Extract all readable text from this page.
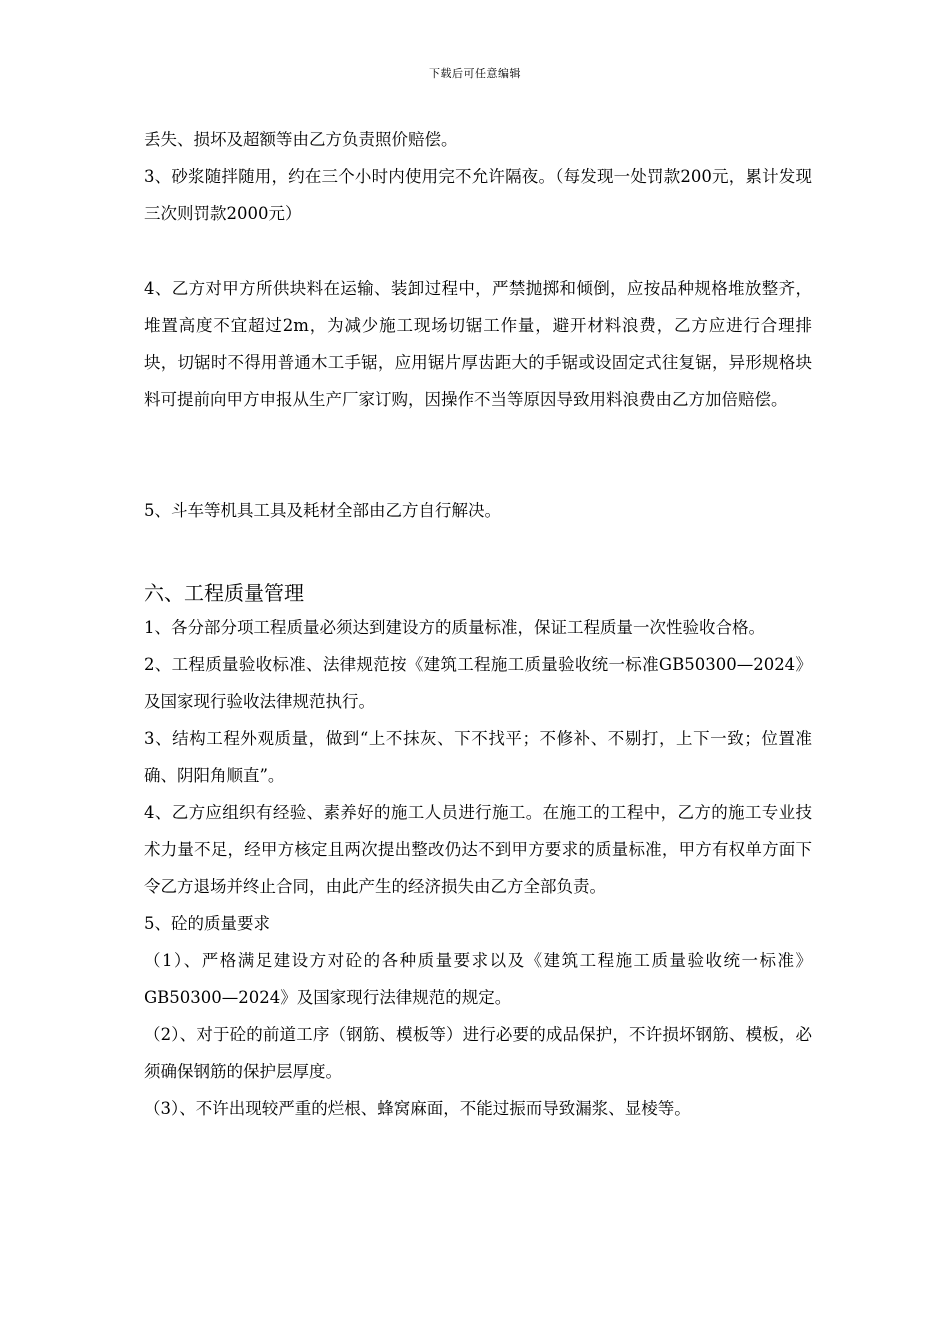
下载后可任意编辑

丢失、损坏及超额等由乙方负责照价赔偿。

3、砂浆随拌随用，约在三个小时内使用完不允许隔夜。（每发现一处罚款200元，累计发现三次则罚款2000元）

4、乙方对甲方所供块料在运输、装卸过程中，严禁抛掷和倾倒，应按品种规格堆放整齐，堆置高度不宜超过2m，为减少施工现场切锯工作量，避开材料浪费，乙方应进行合理排块，切锯时不得用普通木工手锯，应用锯片厚齿距大的手锯或设固定式往复锯，异形规格块料可提前向甲方申报从生产厂家订购，因操作不当等原因导致用料浪费由乙方加倍赔偿。

5、斗车等机具工具及耗材全部由乙方自行解决。

六、工程质量管理

1、各分部分项工程质量必须达到建设方的质量标准，保证工程质量一次性验收合格。

2、工程质量验收标准、法律规范按《建筑工程施工质量验收统一标准GB50300—2024》及国家现行验收法律规范执行。

3、结构工程外观质量，做到“上不抹灰、下不找平；不修补、不剔打，上下一致；位置准确、阴阳角顺直”。

4、乙方应组织有经验、素养好的施工人员进行施工。在施工的工程中，乙方的施工专业技术力量不足，经甲方核定且两次提出整改仍达不到甲方要求的质量标准，甲方有权单方面下令乙方退场并终止合同，由此产生的经济损失由乙方全部负责。

5、砼的质量要求

（1）、严格满足建设方对砼的各种质量要求以及《建筑工程施工质量验收统一标准》GB50300—2024》及国家现行法律规范的规定。

（2）、对于砼的前道工序（钢筋、模板等）进行必要的成品保护，不许损坏钢筋、模板，必须确保钢筋的保护层厚度。

（3）、不许出现较严重的烂根、蜂窝麻面，不能过振而导致漏浆、显棱等。
